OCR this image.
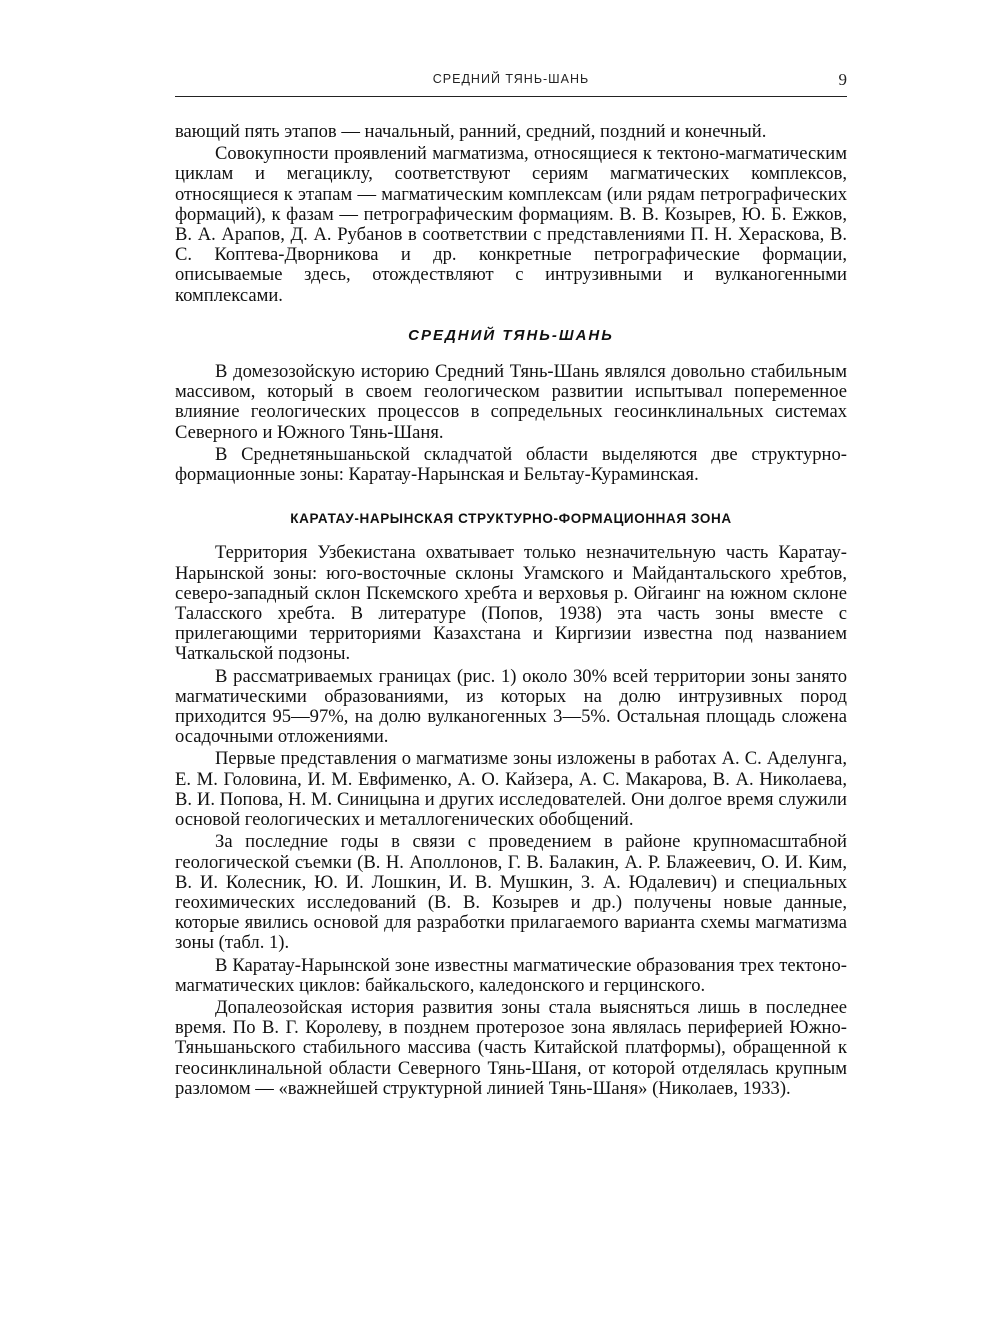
СРЕДНИЙ ТЯНЬ-ШАНЬ	9

вающий пять этапов — начальный, ранний, средний, поздний и конечный.

Совокупности проявлений магматизма, относящиеся к тектоно-магматическим циклам и мегациклу, соответствуют сериям магматических комплексов, относящиеся к этапам — магматическим комплексам (или рядам петрографических формаций), к фазам — петрографическим формациям. В. В. Козырев, Ю. Б. Ежков, В. А. Арапов, Д. А. Рубанов в соответствии с представлениями П. Н. Хераскова, В. С. Коптева-Дворникова и др. конкретные петрографические формации, описываемые здесь, отождествляют с интрузивными и вулканогенными комплексами.

СРЕДНИЙ ТЯНЬ-ШАНЬ

В домезозойскую историю Средний Тянь-Шань являлся довольно стабильным массивом, который в своем геологическом развитии испытывал попеременное влияние геологических процессов в сопредельных геосинклинальных системах Северного и Южного Тянь-Шаня.

В Среднетяньшаньской складчатой области выделяются две структурно-формационные зоны: Каратау-Нарынская и Бельтау-Кураминская.

КАРАТАУ-НАРЫНСКАЯ СТРУКТУРНО-ФОРМАЦИОННАЯ ЗОНА

Территория Узбекистана охватывает только незначительную часть Каратау-Нарынской зоны: юго-восточные склоны Угамского и Майдантальского хребтов, северо-западный склон Пскемского хребта и верховья р. Ойгаинг на южном склоне Таласского хребта. В литературе (Попов, 1938) эта часть зоны вместе с прилегающими территориями Казахстана и Киргизии известна под названием Чаткальской подзоны.

В рассматриваемых границах (рис. 1) около 30% всей территории зоны занято магматическими образованиями, из которых на долю интрузивных пород приходится 95—97%, на долю вулканогенных 3—5%. Остальная площадь сложена осадочными отложениями.

Первые представления о магматизме зоны изложены в работах А. С. Аделунга, Е. М. Головина, И. М. Евфименко, А. О. Кайзера, А. С. Макарова, В. А. Николаева, В. И. Попова, Н. М. Синицына и других исследователей. Они долгое время служили основой геологических и металлогенических обобщений.

За последние годы в связи с проведением в районе крупномасштабной геологической съемки (В. Н. Аполлонов, Г. В. Балакин, А. Р. Блажеевич, О. И. Ким, В. И. Колесник, Ю. И. Лошкин, И. В. Мушкин, З. А. Юдалевич) и специальных геохимических исследований (В. В. Козырев и др.) получены новые данные, которые явились основой для разработки прилагаемого варианта схемы магматизма зоны (табл. 1).

В Каратау-Нарынской зоне известны магматические образования трех тектоно-магматических циклов: байкальского, каледонского и герцинского.

Допалеозойская история развития зоны стала выясняться лишь в последнее время. По В. Г. Королеву, в позднем протерозое зона являлась периферией Южно-Тяньшаньского стабильного массива (часть Китайской платформы), обращенной к геосинклинальной области Северного Тянь-Шаня, от которой отделялась крупным разломом — «важнейшей структурной линией Тянь-Шаня» (Николаев, 1933).
